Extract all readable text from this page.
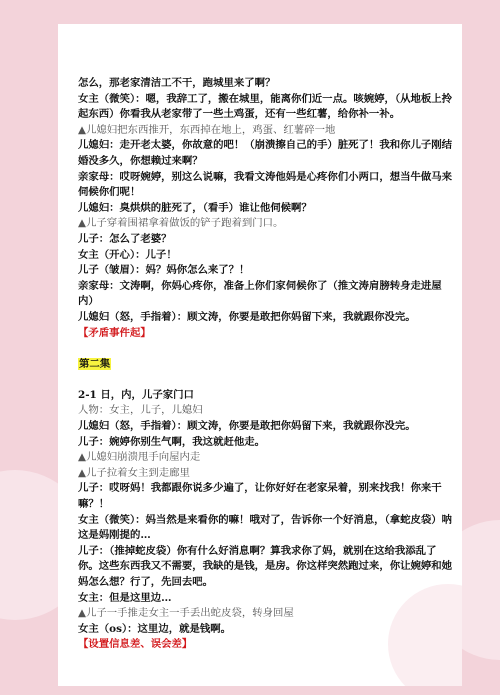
怎么，那老家清洁工不干，跑城里来了啊？

女主（微笑）：嗯，我辞工了，搬在城里，能离你们近一点。咳婉婷，（从地板上拎起东西）你看我从老家带了一些土鸡蛋，还有一些红薯，给你补一补。

▲儿媳妇把东西推开，东西掉在地上，鸡蛋、红薯碎一地

儿媳妇：走开老太婆，你故意的吧！（崩溃擦自己的手）脏死了！我和你儿子刚结婚没多久，你想赖过来啊？

亲家母：哎呀婉婷，别这么说嘛，我看文涛他妈是心疼你们小两口，想当牛做马来伺候你们呢！

儿媳妇：臭烘烘的脏死了，（看手）谁让他伺候啊？

▲儿子穿着围裙拿着做饭的铲子跑着到门口。

儿子：怎么了老婆？

女主（开心）：儿子！

儿子（皱眉）：妈？妈你怎么来了？！

亲家母：文涛啊，你妈心疼你，准备上你们家伺候你了（推文涛肩膀转身走进屋内）

儿媳妇（怒，手指着）：顾文涛，你要是敢把你妈留下来，我就跟你没完。

【矛盾事件起】

第二集

2-1 日，内，儿子家门口

人物：女主，儿子，儿媳妇

儿媳妇（怒，手指着）：顾文涛，你要是敢把你妈留下来，我就跟你没完。

儿子：婉婷你别生气啊，我这就赶他走。

▲儿媳妇崩溃甩手向屋内走

▲儿子拉着女主到走廊里

儿子：哎呀妈！我都跟你说多少遍了，让你好好在老家呆着，别来找我！你来干嘛？！

女主（微笑）：妈当然是来看你的嘛！哦对了，告诉你一个好消息，（拿蛇皮袋）呐这是妈刚提的…

儿子：（推掉蛇皮袋）你有什么好消息啊？算我求你了妈，就别在这给我添乱了你。这些东西我又不需要，我缺的是钱，是房。你这样突然跑过来，你让婉婷和她妈怎么想？行了，先回去吧。

女主：但是这里边…

▲儿子一手推走女主一手丢出蛇皮袋，转身回屋

女主（os）：这里边，就是钱啊。

【设置信息差、误会差】
